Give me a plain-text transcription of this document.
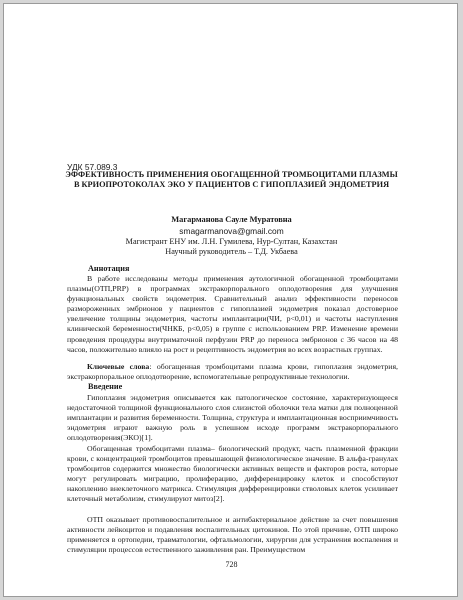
УДК 57.089.3
ЭФФЕКТИВНОСТЬ ПРИМЕНЕНИЯ ОБОГАЩЕННОЙ ТРОМБОЦИТАМИ ПЛАЗМЫ В КРИОПРОТОКОЛАХ ЭКО У ПАЦИЕНТОВ С ГИПОПЛАЗИЕЙ ЭНДОМЕТРИЯ
Магарманова Сауле Муратовна
smagarmanova@gmail.com
Магистрант ЕНУ им. Л.Н. Гумилева, Нур-Султан, Казахстан
Научный руководитель – Т.Д. Укбаева
Аннотация
В работе исследованы методы применения аутологичной обогащенной тромбоцитами плазмы(ОТП,PRP) в программах экстракорпорального оплодотворения для улучшения функциональных свойств эндометрия. Сравнительный анализ эффективности переносов размороженных эмбрионов у пациентов с гипоплазией эндометрия показал достоверное увеличение толщины эндометрия, частоты имплантации(ЧИ, p<0,01) и частоты наступления клинической беременности(ЧНКБ, p<0,05) в группе с использованием PRP. Изменение времени проведения процедуры внутриматочной перфузии PRP до переноса эмбрионов с 36 часов на 48 часов, положительно влияло на рост и рецептивность эндометрия во всех возрастных группах.
Ключевые слова: обогащенная тромбоцитами плазма крови, гипоплазия эндометрия, экстракорпоральное оплодотворение, вспомогательные репродуктивные технологии.
Введение
Гипоплазия эндометрия описывается как патологическое состояние, характеризующееся недостаточной толщиной функционального слоя слизистой оболочки тела матки для полноценной имплантации и развития беременности. Толщина, структура и имплантационная восприимчивость эндометрия играют важную роль в успешном исходе программ экстракорпорального оплодотворения(ЭКО)[1].
Обогащенная тромбоцитами плазма– биологический продукт, часть плазменной фракции крови, с концентрацией тромбоцитов превышающей физиологическое значение. В альфа-гранулах тромбоцитов содержится множество биологически активных веществ и факторов роста, которые могут регулировать миграцию, пролиферацию, дифференцировку клеток и способствуют накоплению внеклеточного матрикса. Стимуляция дифференцировки стволовых клеток усиливает клеточный метаболизм, стимулируют митоз[2].
ОТП оказывает противовоспалительное и антибактериальное действие за счет повышения активности лейкоцитов и подавления воспалительных цитокинов. По этой причине, ОТП широко применяется в ортопедии, травматологии, офтальмологии, хирургии для устранения воспаления и стимуляции процессов естественного заживления ран. Преимуществом
728
